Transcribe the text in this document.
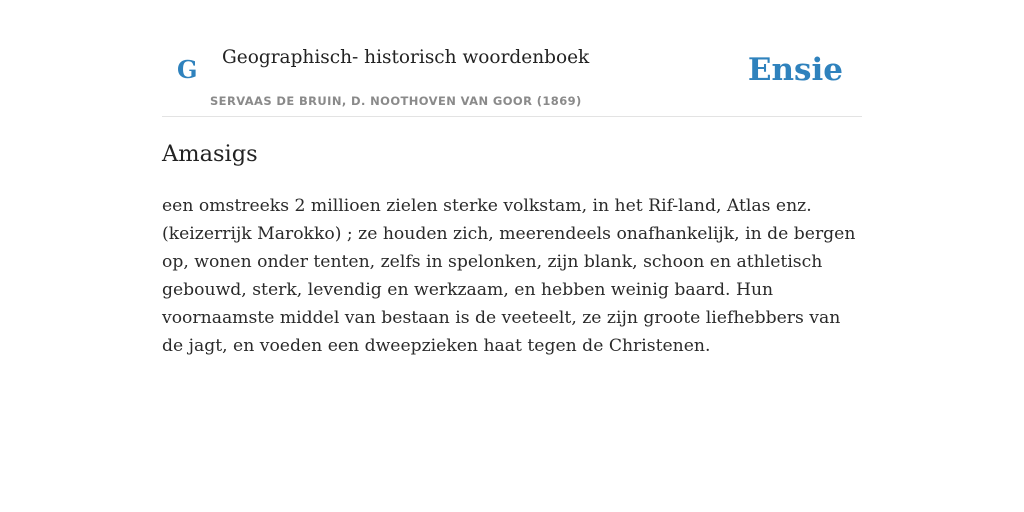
G Geographisch- historisch woordenboek
SERVAAS DE BRUIN, D. NOOTHOVEN VAN GOOR (1869)
Ensie
Amasigs

een omstreeks 2 millioen zielen sterke volkstam, in het Rif-land, Atlas enz. (keizerrijk Marokko) ; ze houden zich, meerendeels onafhankelijk, in de bergen op, wonen onder tenten, zelfs in spelonken, zijn blank, schoon en athletisch gebouwd, sterk, levendig en werkzaam, en hebben weinig baard. Hun voornaamste middel van bestaan is de veeteelt, ze zijn groote liefhebbers van de jagt, en voeden een dweepzieken haat tegen de Christenen.
